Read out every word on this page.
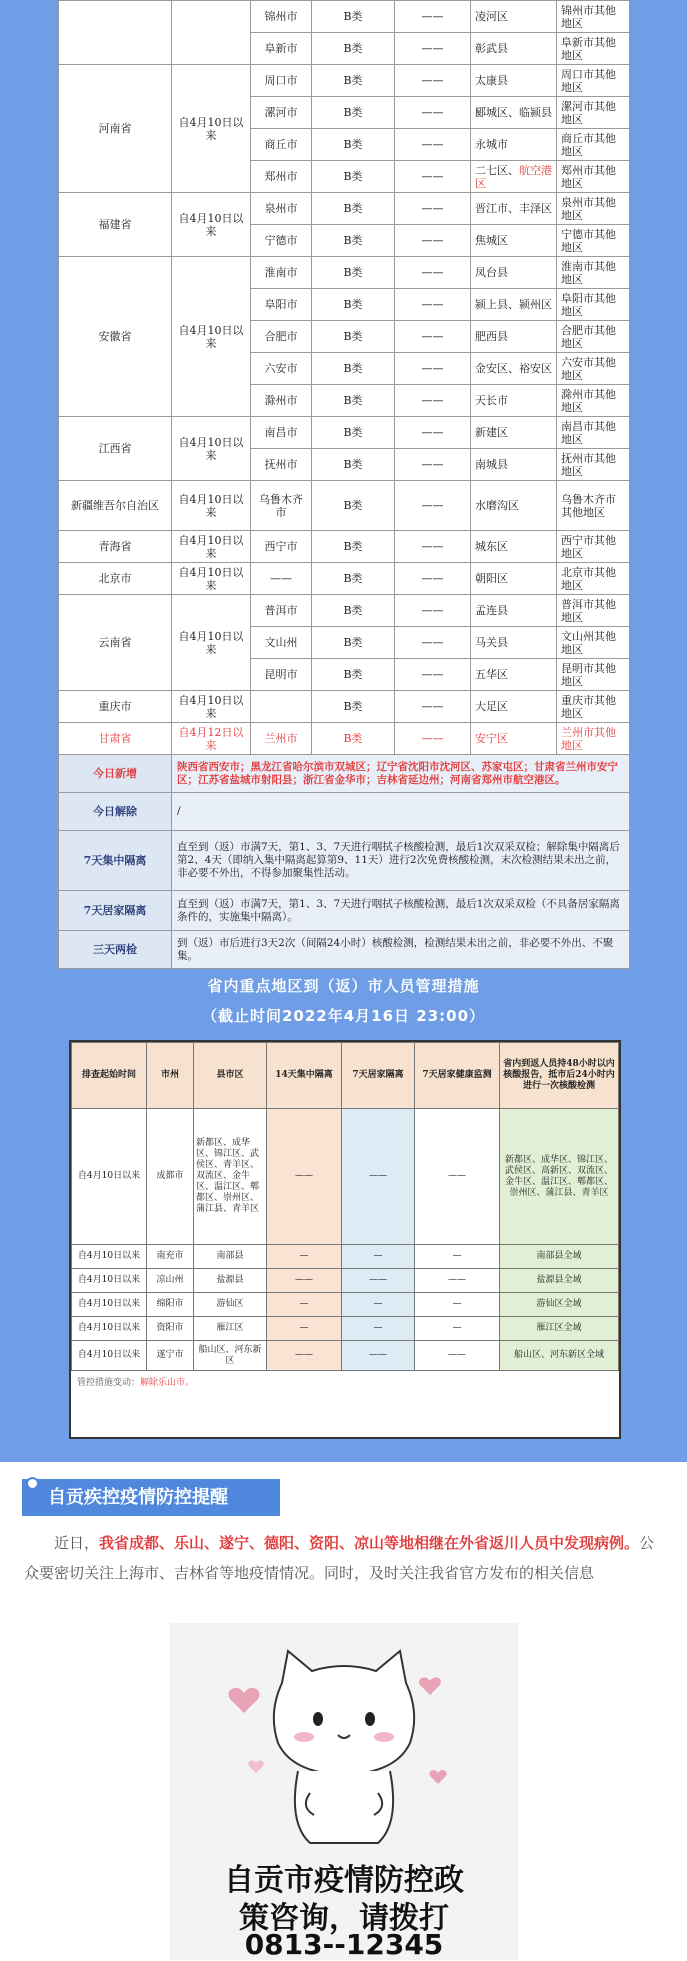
		锦州市	B类	——	凌河区	锦州市其他地区
		阜新市	B类	——	彰武县	阜新市其他地区
河南省	自4月10日以来	周口市	B类	——	太康县	周口市其他地区
		漯河市	B类	——	郾城区、临颍县	漯河市其他地区
		商丘市	B类	——	永城市	商丘市其他地区
		郑州市	B类	——	二七区、航空港区	郑州市其他地区
福建省	自4月10日以来	泉州市	B类	——	晋江市、丰泽区	泉州市其他地区
		宁德市	B类	——	焦城区	宁德市其他地区
安徽省	自4月10日以来	淮南市	B类	——	凤台县	淮南市其他地区
		阜阳市	B类	——	颍上县、颍州区	阜阳市其他地区
		合肥市	B类	——	肥西县	合肥市其他地区
		六安市	B类	——	金安区、裕安区	六安市其他地区
		滁州市	B类	——	天长市	滁州市其他地区
江西省	自4月10日以来	南昌市	B类	——	新建区	南昌市其他地区
		抚州市	B类	——	南城县	抚州市其他地区
新疆维吾尔自治区	自4月10日以来	乌鲁木齐市	B类	——	水磨沟区	乌鲁木齐市其他地区
青海省	自4月10日以来	西宁市	B类	——	城东区	西宁市其他地区
北京市	自4月10日以来	——	B类	——	朝阳区	北京市其他地区
云南省	自4月10日以来	普洱市	B类	——	孟连县	普洱市其他地区
		文山州	B类	——	马关县	文山州其他地区
		昆明市	B类	——	五华区	昆明市其他地区
重庆市	自4月10日以来		B类	——	大足区	重庆市其他地区
甘肃省	自4月12日以来	兰州市	B类	——	安宁区	兰州市其他地区
今日新增	陕西省西安市；黑龙江省哈尔滨市双城区；辽宁省沈阳市沈河区、苏家屯区；甘肃省兰州市安宁区；江苏省盐城市射阳县；浙江省金华市；吉林省延边州；河南省郑州市航空港区。					
今日解除	/					
7天集中隔离	直至到（返）市满7天，第1、3、7天进行咽拭子核酸检测，最后1次双采双检；解除集中隔离后第2、4天（即纳入集中隔离起算第9、11天）进行2次免费核酸检测，末次检测结果未出之前，非必要不外出，不得参加聚集性活动。					
7天居家隔离	直至到（返）市满7天，第1、3、7天进行咽拭子核酸检测，最后1次双采双检（不具备居家隔离条件的，实施集中隔离）。					
三天两检	到（返）市后进行3天2次（间隔24小时）核酸检测，检测结果未出之前，非必要不外出、不聚集。					
省内重点地区到（返）市人员管理措施
（截止时间2022年4月16日 23:00）
排查起始时间	市州	县市区	14天集中隔离	7天居家隔离	7天居家健康监测	省内到返人员持48小时以内核酸报告，抵市后24小时内进行一次核酸检测
自4月10日以来	成都市	新都区、成华区、锦江区、武侯区、青羊区、双流区、金牛区、温江区、郫都区、崇州区、蒲江县、青羊区	——	——	——	新都区、成华区、锦江区、武侯区、高新区、双流区、金牛区、温江区、郫都区、崇州区、蒲江县、青羊区
自4月10日以来	南充市	南部县	—	—	—	南部县全域
自4月10日以来	凉山州	盐源县	——	——	——	盐源县全域
自4月10日以来	绵阳市	游仙区	—	—	—	游仙区全域
自4月10日以来	资阳市	雁江区	—	—	—	雁江区全域
自4月10日以来	遂宁市	船山区、河东新区	——	——	——	船山区、河东新区全域
管控措施变动：解除乐山市。
自贡疾控疫情防控提醒
近日，我省成都、乐山、遂宁、德阳、资阳、凉山等地相继在外省返川人员中发现病例。公众要密切关注上海市、吉林省等地疫情情况。同时，及时关注我省官方发布的相关信息
自贡市疫情防控政
策咨询，请拨打
0813--12345
